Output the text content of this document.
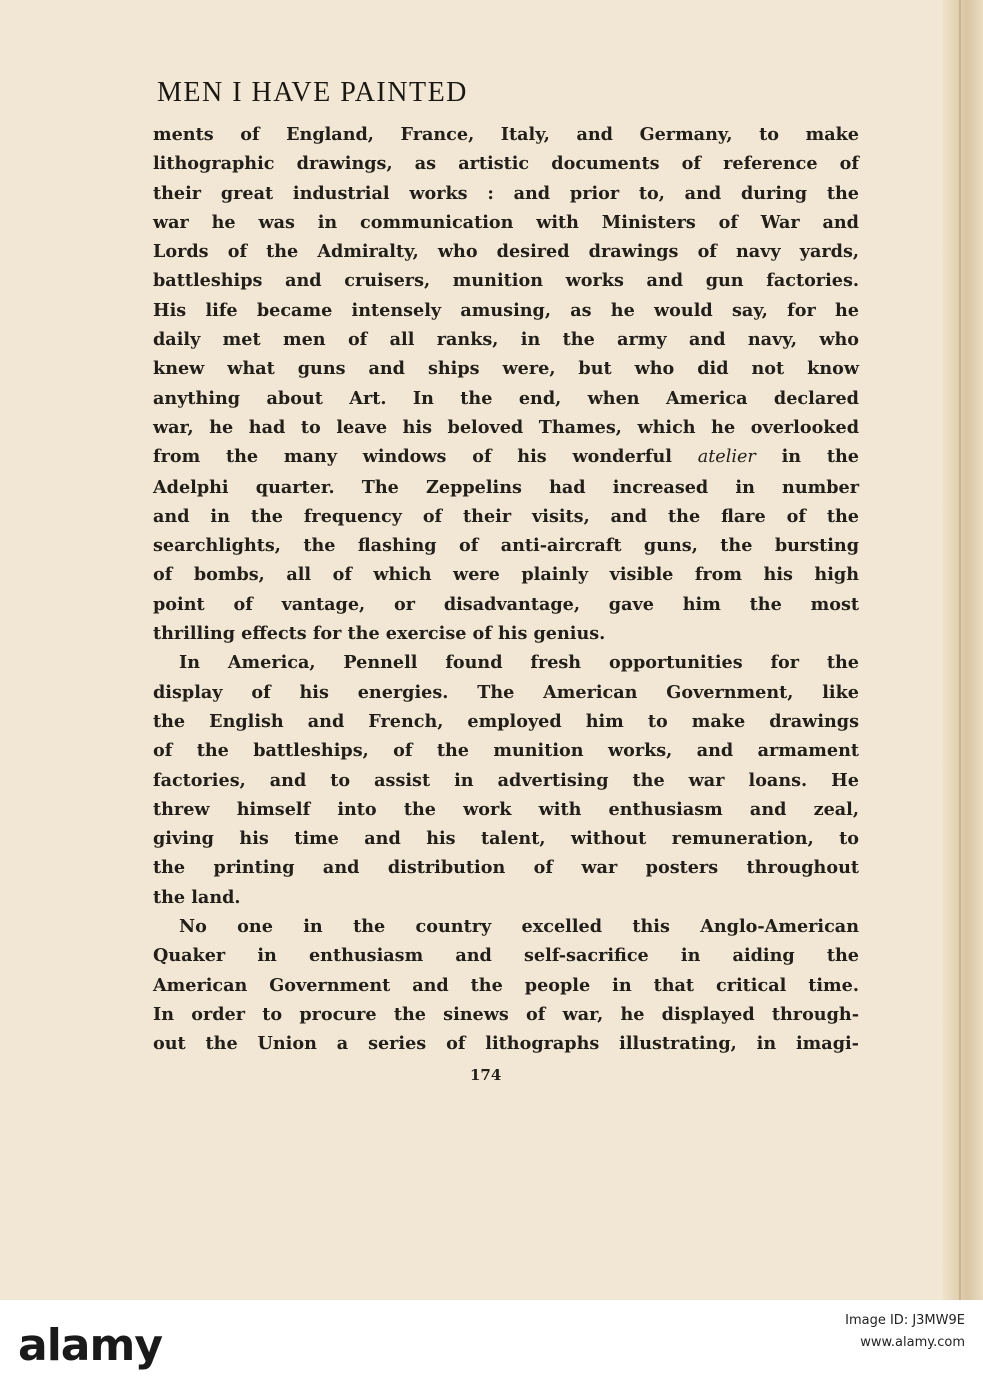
MEN I HAVE PAINTED
ments of England, France, Italy, and Germany, to make
lithographic drawings, as artistic documents of reference of
their great industrial works : and prior to, and during the
war he was in communication with Ministers of War and
Lords of the Admiralty, who desired drawings of navy yards,
battleships and cruisers, munition works and gun factories.
His life became intensely amusing, as he would say, for he
daily met men of all ranks, in the army and navy, who
knew what guns and ships were, but who did not know
anything about Art. In the end, when America declared
war, he had to leave his beloved Thames, which he overlooked
from the many windows of his wonderful atelier in the
Adelphi quarter. The Zeppelins had increased in number
and in the frequency of their visits, and the flare of the
searchlights, the flashing of anti-aircraft guns, the bursting
of bombs, all of which were plainly visible from his high
point of vantage, or disadvantage, gave him the most
thrilling effects for the exercise of his genius.
In America, Pennell found fresh opportunities for the
display of his energies. The American Government, like
the English and French, employed him to make drawings
of the battleships, of the munition works, and armament
factories, and to assist in advertising the war loans. He
threw himself into the work with enthusiasm and zeal,
giving his time and his talent, without remuneration, to
the printing and distribution of war posters throughout
the land.
No one in the country excelled this Anglo-American
Quaker in enthusiasm and self-sacrifice in aiding the
American Government and the people in that critical time.
In order to procure the sinews of war, he displayed through-
out the Union a series of lithographs illustrating, in imagi-
174
alamy	Image ID: J3MW9E
www.alamy.com
